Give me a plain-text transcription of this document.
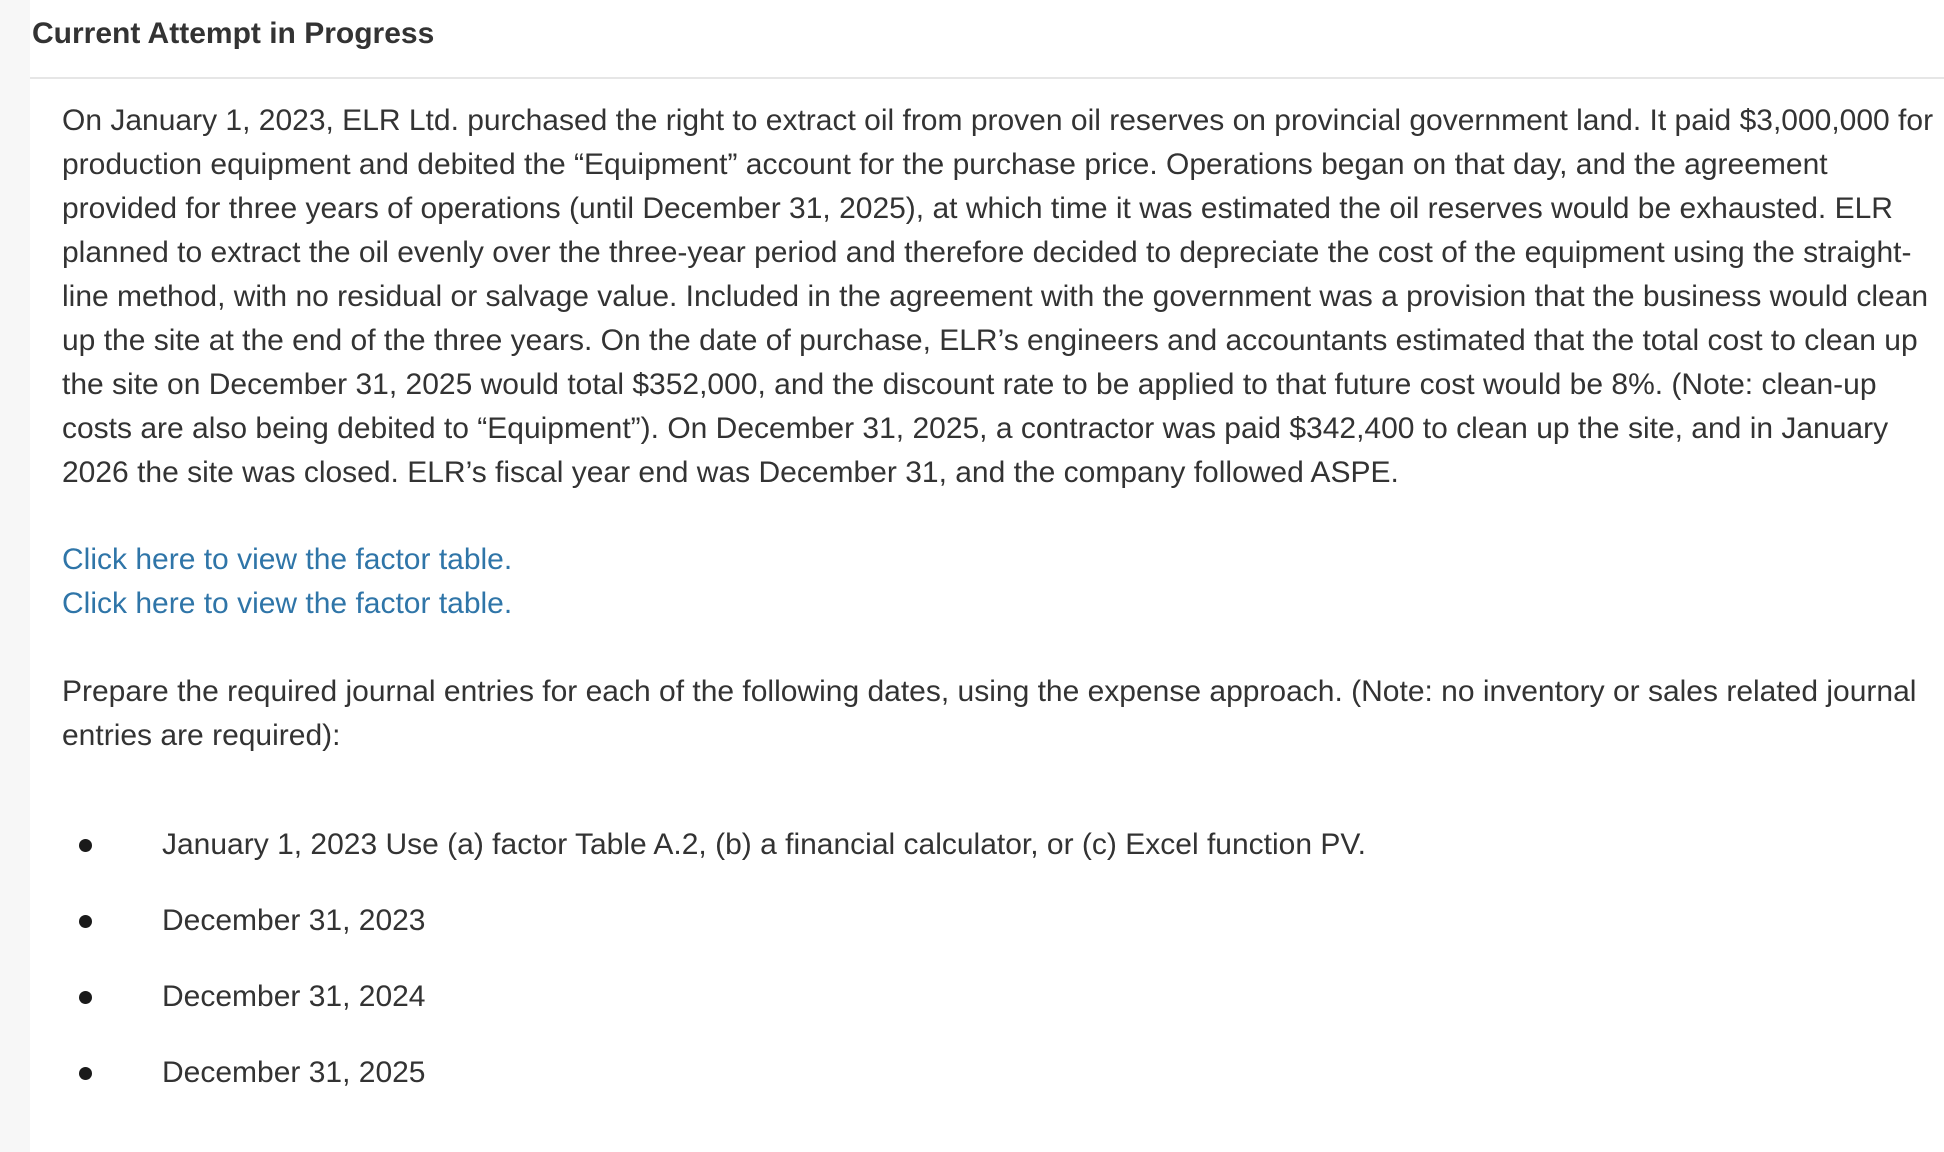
Current Attempt in Progress

On January 1, 2023, ELR Ltd. purchased the right to extract oil from proven oil reserves on provincial government land. It paid $3,000,000 for production equipment and debited the “Equipment” account for the purchase price. Operations began on that day, and the agreement provided for three years of operations (until December 31, 2025), at which time it was estimated the oil reserves would be exhausted. ELR planned to extract the oil evenly over the three-year period and therefore decided to depreciate the cost of the equipment using the straight-line method, with no residual or salvage value. Included in the agreement with the government was a provision that the business would clean up the site at the end of the three years. On the date of purchase, ELR’s engineers and accountants estimated that the total cost to clean up the site on December 31, 2025 would total $352,000, and the discount rate to be applied to that future cost would be 8%. (Note: clean-up costs are also being debited to “Equipment”). On December 31, 2025, a contractor was paid $342,400 to clean up the site, and in January 2026 the site was closed. ELR’s fiscal year end was December 31, and the company followed ASPE.

Click here to view the factor table.
Click here to view the factor table.

Prepare the required journal entries for each of the following dates, using the expense approach. (Note: no inventory or sales related journal entries are required):

January 1, 2023 Use (a) factor Table A.2, (b) a financial calculator, or (c) Excel function PV.
December 31, 2023
December 31, 2024
December 31, 2025
